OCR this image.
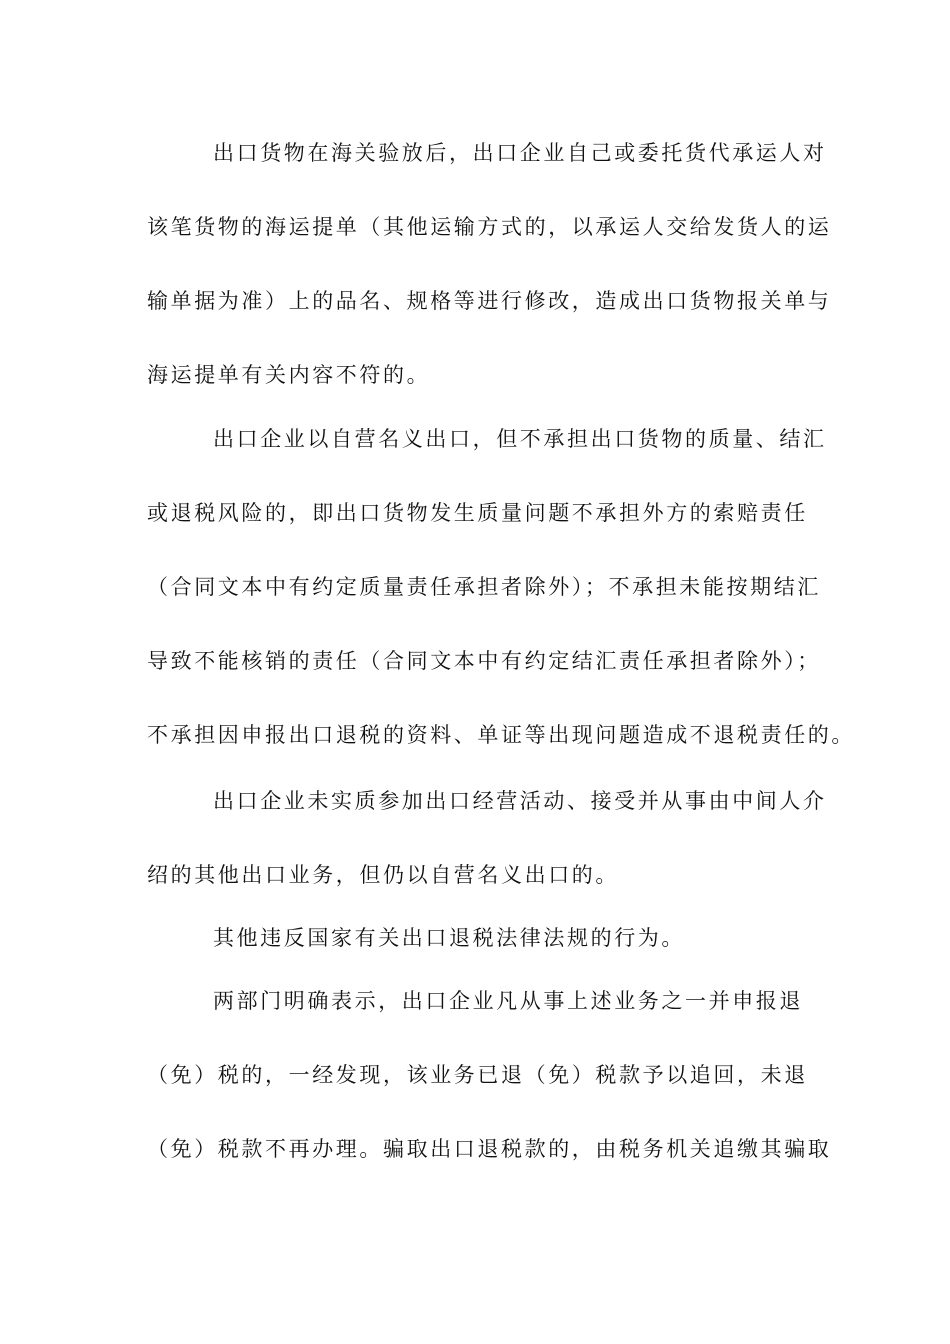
出口货物在海关验放后，出口企业自己或委托货代承运人对
该笔货物的海运提单（其他运输方式的，以承运人交给发货人的运
输单据为准）上的品名、规格等进行修改，造成出口货物报关单与
海运提单有关内容不符的。
出口企业以自营名义出口，但不承担出口货物的质量、结汇
或退税风险的，即出口货物发生质量问题不承担外方的索赔责任
（合同文本中有约定质量责任承担者除外）；不承担未能按期结汇
导致不能核销的责任（合同文本中有约定结汇责任承担者除外）；
不承担因申报出口退税的资料、单证等出现问题造成不退税责任的。
出口企业未实质参加出口经营活动、接受并从事由中间人介
绍的其他出口业务，但仍以自营名义出口的。
其他违反国家有关出口退税法律法规的行为。
两部门明确表示，出口企业凡从事上述业务之一并申报退
（免）税的，一经发现，该业务已退（免）税款予以追回，未退
（免）税款不再办理。骗取出口退税款的，由税务机关追缴其骗取
